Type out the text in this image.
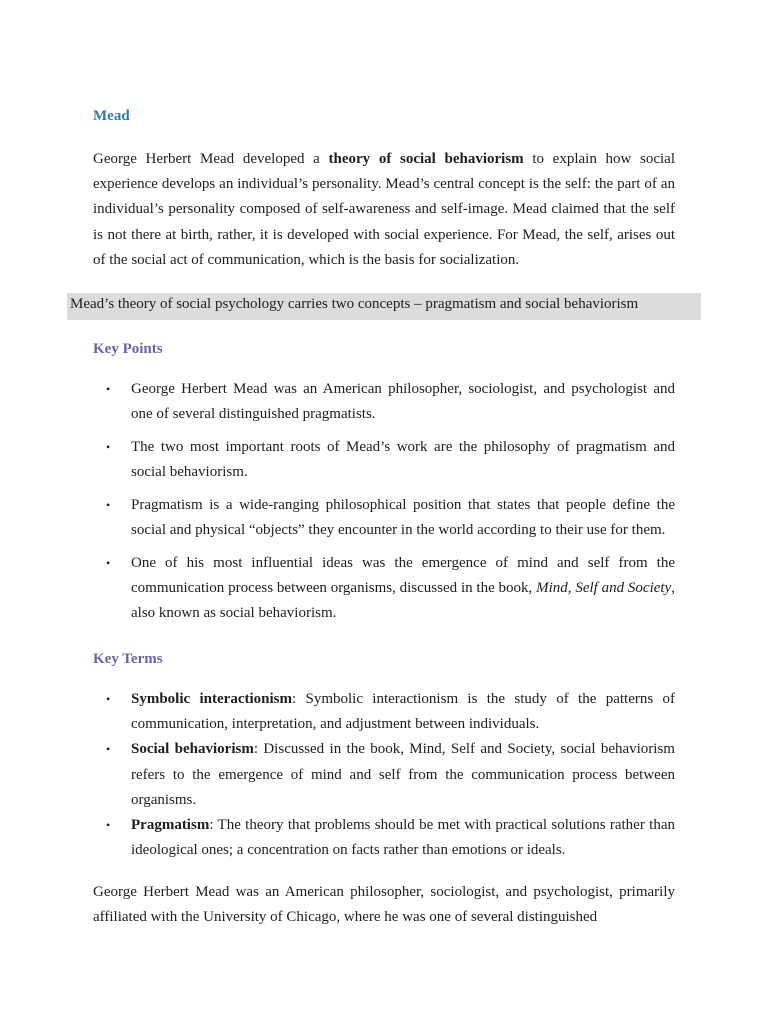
Mead
George Herbert Mead developed a theory of social behaviorism to explain how social experience develops an individual’s personality. Mead’s central concept is the self: the part of an individual’s personality composed of self-awareness and self-image. Mead claimed that the self is not there at birth, rather, it is developed with social experience. For Mead, the self, arises out of the social act of communication, which is the basis for socialization.
Mead’s theory of social psychology carries two concepts – pragmatism and social behaviorism
Key Points
• George Herbert Mead was an American philosopher, sociologist, and psychologist and one of several distinguished pragmatists.
• The two most important roots of Mead’s work are the philosophy of pragmatism and social behaviorism.
• Pragmatism is a wide-ranging philosophical position that states that people define the social and physical “objects” they encounter in the world according to their use for them.
• One of his most influential ideas was the emergence of mind and self from the communication process between organisms, discussed in the book, Mind, Self and Society, also known as social behaviorism.
Key Terms
• Symbolic interactionism: Symbolic interactionism is the study of the patterns of communication, interpretation, and adjustment between individuals.
• Social behaviorism: Discussed in the book, Mind, Self and Society, social behaviorism refers to the emergence of mind and self from the communication process between organisms.
• Pragmatism: The theory that problems should be met with practical solutions rather than ideological ones; a concentration on facts rather than emotions or ideals.
George Herbert Mead was an American philosopher, sociologist, and psychologist, primarily affiliated with the University of Chicago, where he was one of several distinguished
